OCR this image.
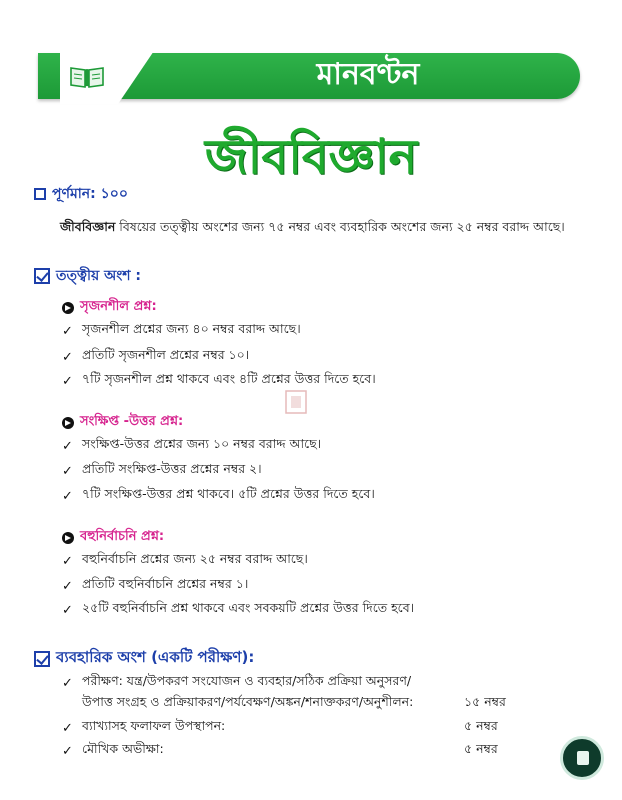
মানবণ্টন
জীববিজ্ঞান
পূর্ণমান: ১০০
জীববিজ্ঞান বিষয়ের তত্ত্বীয় অংশের জন্য ৭৫ নম্বর এবং ব্যবহারিক অংশের জন্য ২৫ নম্বর বরাদ্দ আছে।
তত্ত্বীয় অংশ :
সৃজনশীল প্রশ্ন:
✓ সৃজনশীল প্রশ্নের জন্য ৪০ নম্বর বরাদ্দ আছে।
✓ প্রতিটি সৃজনশীল প্রশ্নের নম্বর ১০।
✓ ৭টি সৃজনশীল প্রশ্ন থাকবে এবং ৪টি প্রশ্নের উত্তর দিতে হবে।
সংক্ষিপ্ত -উত্তর প্রশ্ন:
✓ সংক্ষিপ্ত-উত্তর প্রশ্নের জন্য ১০ নম্বর বরাদ্দ আছে।
✓ প্রতিটি সংক্ষিপ্ত-উত্তর প্রশ্নের নম্বর ২।
✓ ৭টি সংক্ষিপ্ত-উত্তর প্রশ্ন থাকবে। ৫টি প্রশ্নের উত্তর দিতে হবে।
বহুনির্বাচনি প্রশ্ন:
✓ বহুনির্বাচনি প্রশ্নের জন্য ২৫ নম্বর বরাদ্দ আছে।
✓ প্রতিটি বহুনির্বাচনি প্রশ্নের নম্বর ১।
✓ ২৫টি বহুনির্বাচনি প্রশ্ন থাকবে এবং সবকয়টি প্রশ্নের উত্তর দিতে হবে।
ব্যবহারিক অংশ (একটি পরীক্ষণ):
✓ পরীক্ষণ: যন্ত্র/উপকরণ সংযোজন ও ব্যবহার/সঠিক প্রক্রিয়া অনুসরণ/
উপাত্ত সংগ্রহ ও প্রক্রিয়াকরণ/পর্যবেক্ষণ/অঙ্কন/শনাক্তকরণ/অনুশীলন:	১৫ নম্বর
✓ ব্যাখ্যাসহ ফলাফল উপস্থাপন:	৫ নম্বর
✓ মৌখিক অভীক্ষা:	৫ নম্বর
